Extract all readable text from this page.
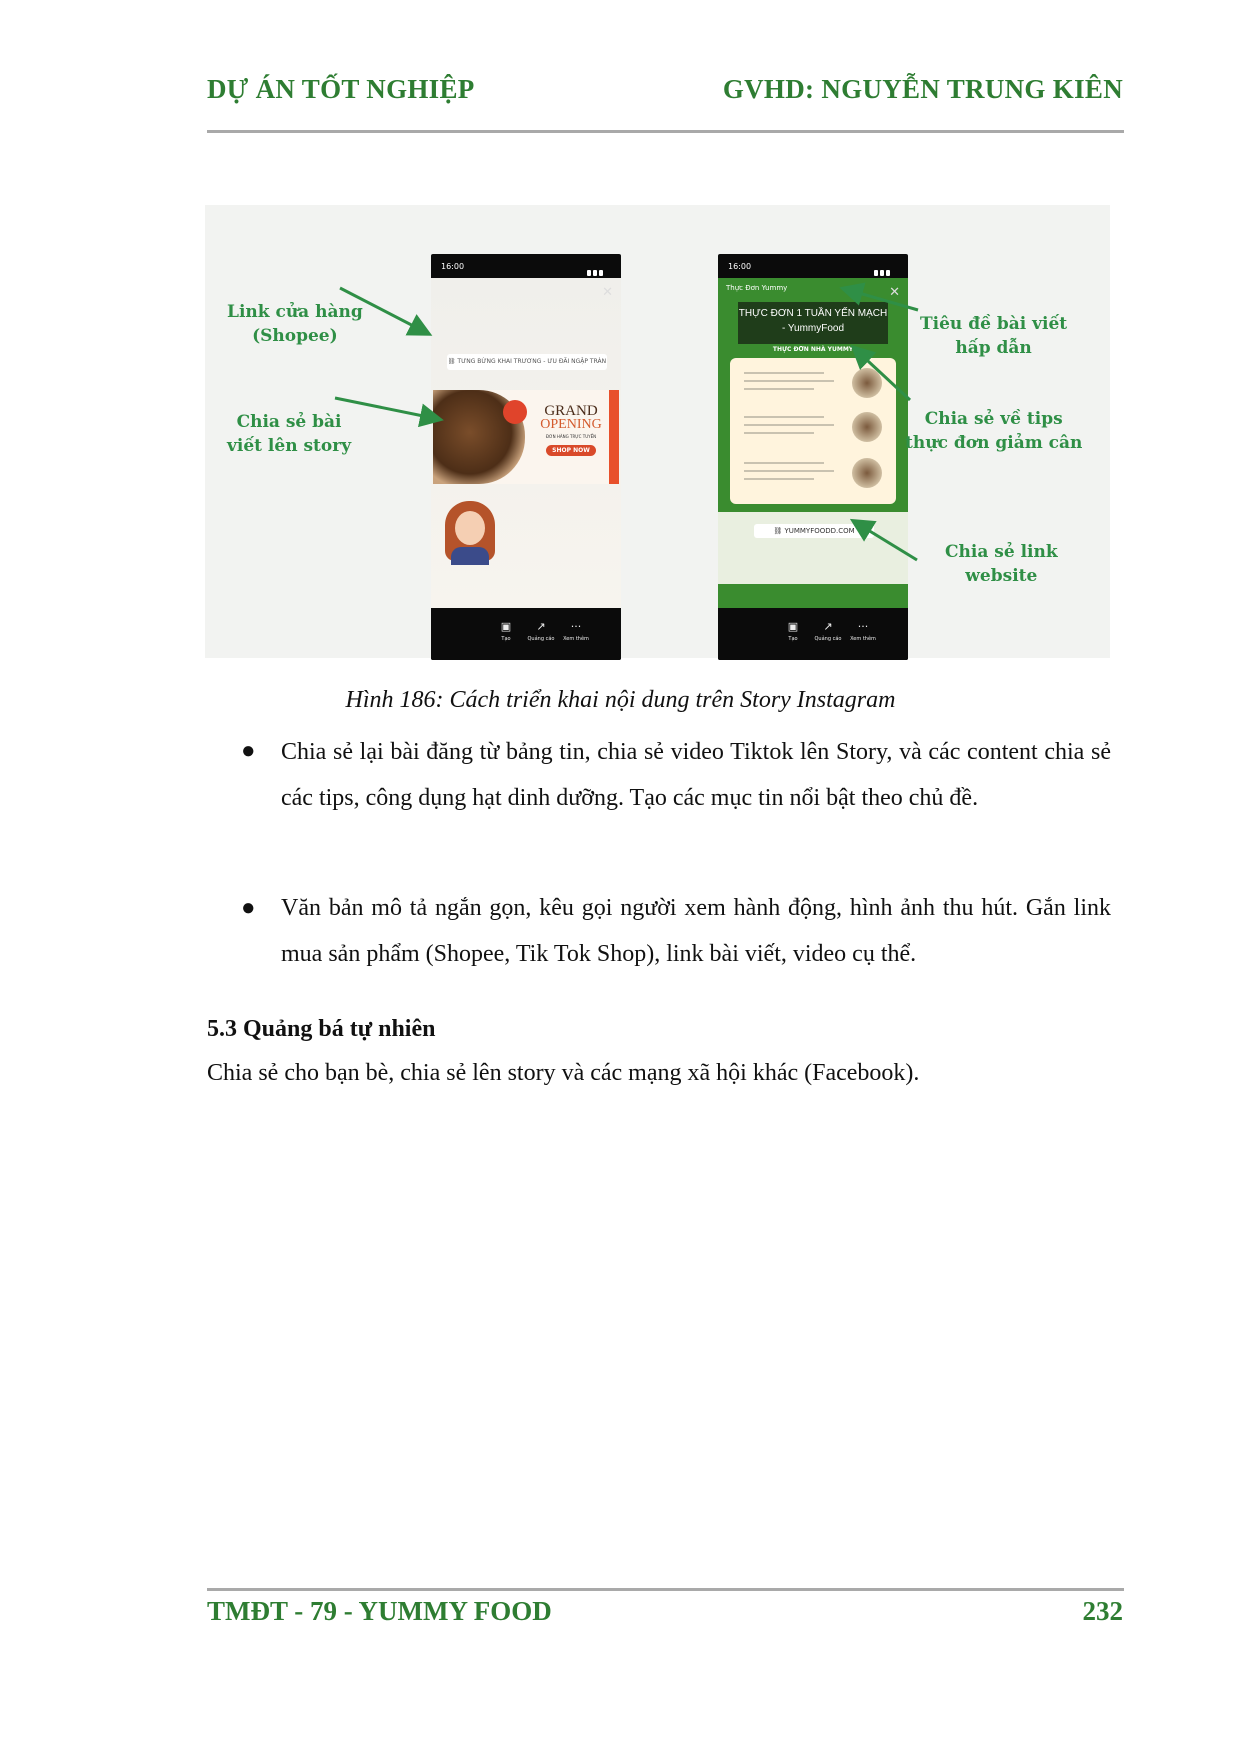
DỰ ÁN TỐT NGHIỆP	GVHD: NGUYỄN TRUNG KIÊN
16:00
✕
⛓ TƯNG BỪNG KHAI TRƯƠNG - ƯU ĐÃI NGẬP TRÀN
GRAND
OPENING
ĐƠN HÀNG TRỰC TUYẾN
SHOP NOW
▣
Tạo
↗
Quảng cáo
···
Xem thêm
16:00
Thực Đơn Yummy	✕
THỰC ĐƠN 1 TUẦN YẾN MẠCH
- YummyFood
THỰC ĐƠN NHÀ YUMMY
⛓ YUMMYFOODD.COM
▣
Tạo
↗
Quảng cáo
···
Xem thêm
Link cửa hàng
(Shopee)
Chia sẻ bài
viết lên story
Tiêu đề bài viết
hấp dẫn
Chia sẻ về tips
thực đơn giảm cân
Chia sẻ link
website
Hình 186: Cách triển khai nội dung trên Story Instagram
● Chia sẻ lại bài đăng từ bảng tin, chia sẻ video Tiktok lên Story, và các content chia sẻ các tips, công dụng hạt dinh dưỡng. Tạo các mục tin nổi bật theo chủ đề.
● Văn bản mô tả ngắn gọn, kêu gọi người xem hành động, hình ảnh thu hút. Gắn link mua sản phẩm (Shopee, Tik Tok Shop), link bài viết, video cụ thể.
5.3 Quảng bá tự nhiên
Chia sẻ cho bạn bè, chia sẻ lên story và các mạng xã hội khác (Facebook).
TMĐT - 79 - YUMMY FOOD	232
